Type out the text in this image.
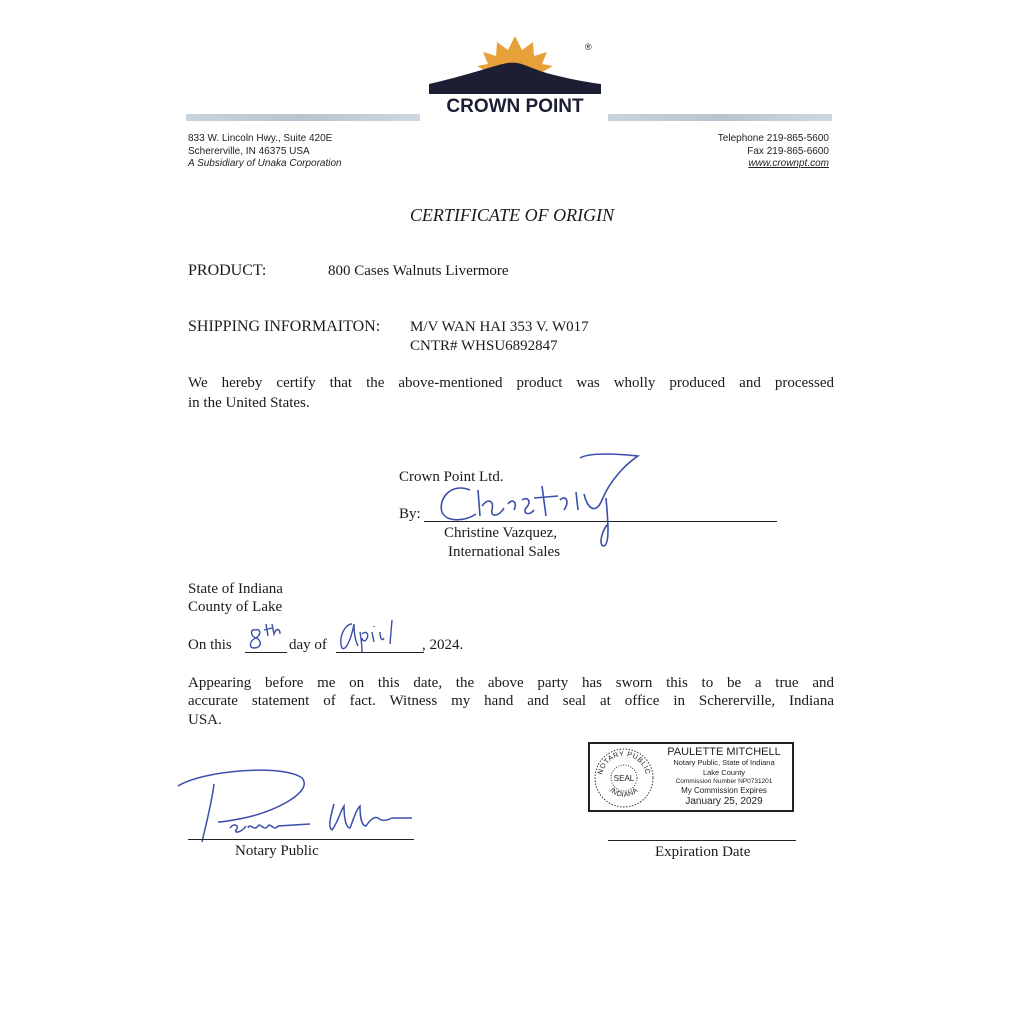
®
CROWN POINT
833 W. Lincoln Hwy., Suite 420E
Schererville, IN 46375 USA
A Subsidiary of Unaka Corporation
Telephone 219-865-5600
Fax 219-865-6600
www.crownpt.com
CERTIFICATE OF ORIGIN
PRODUCT:	800 Cases Walnuts Livermore
SHIPPING INFORMAITON: M/V WAN HAI 353 V. W017
CNTR# WHSU6892847
We hereby certify that the above-mentioned product was wholly produced and processed
in the United States.
Crown Point Ltd.
By:
Christine Vazquez,
International Sales
State of Indiana
County of Lake
On this	day of	, 2024.
Appearing before me on this date, the above party has sworn this to be a true and
accurate statement of fact. Witness my hand and seal at office in Schererville, Indiana
USA.
Notary Public
NOTARY PUBLIC
INDIANA
SEAL
PAULETTE MITCHELL
Notary Public, State of Indiana
Lake County
Commission Number NP0731201
My Commission Expires
January 25, 2029
Expiration Date
